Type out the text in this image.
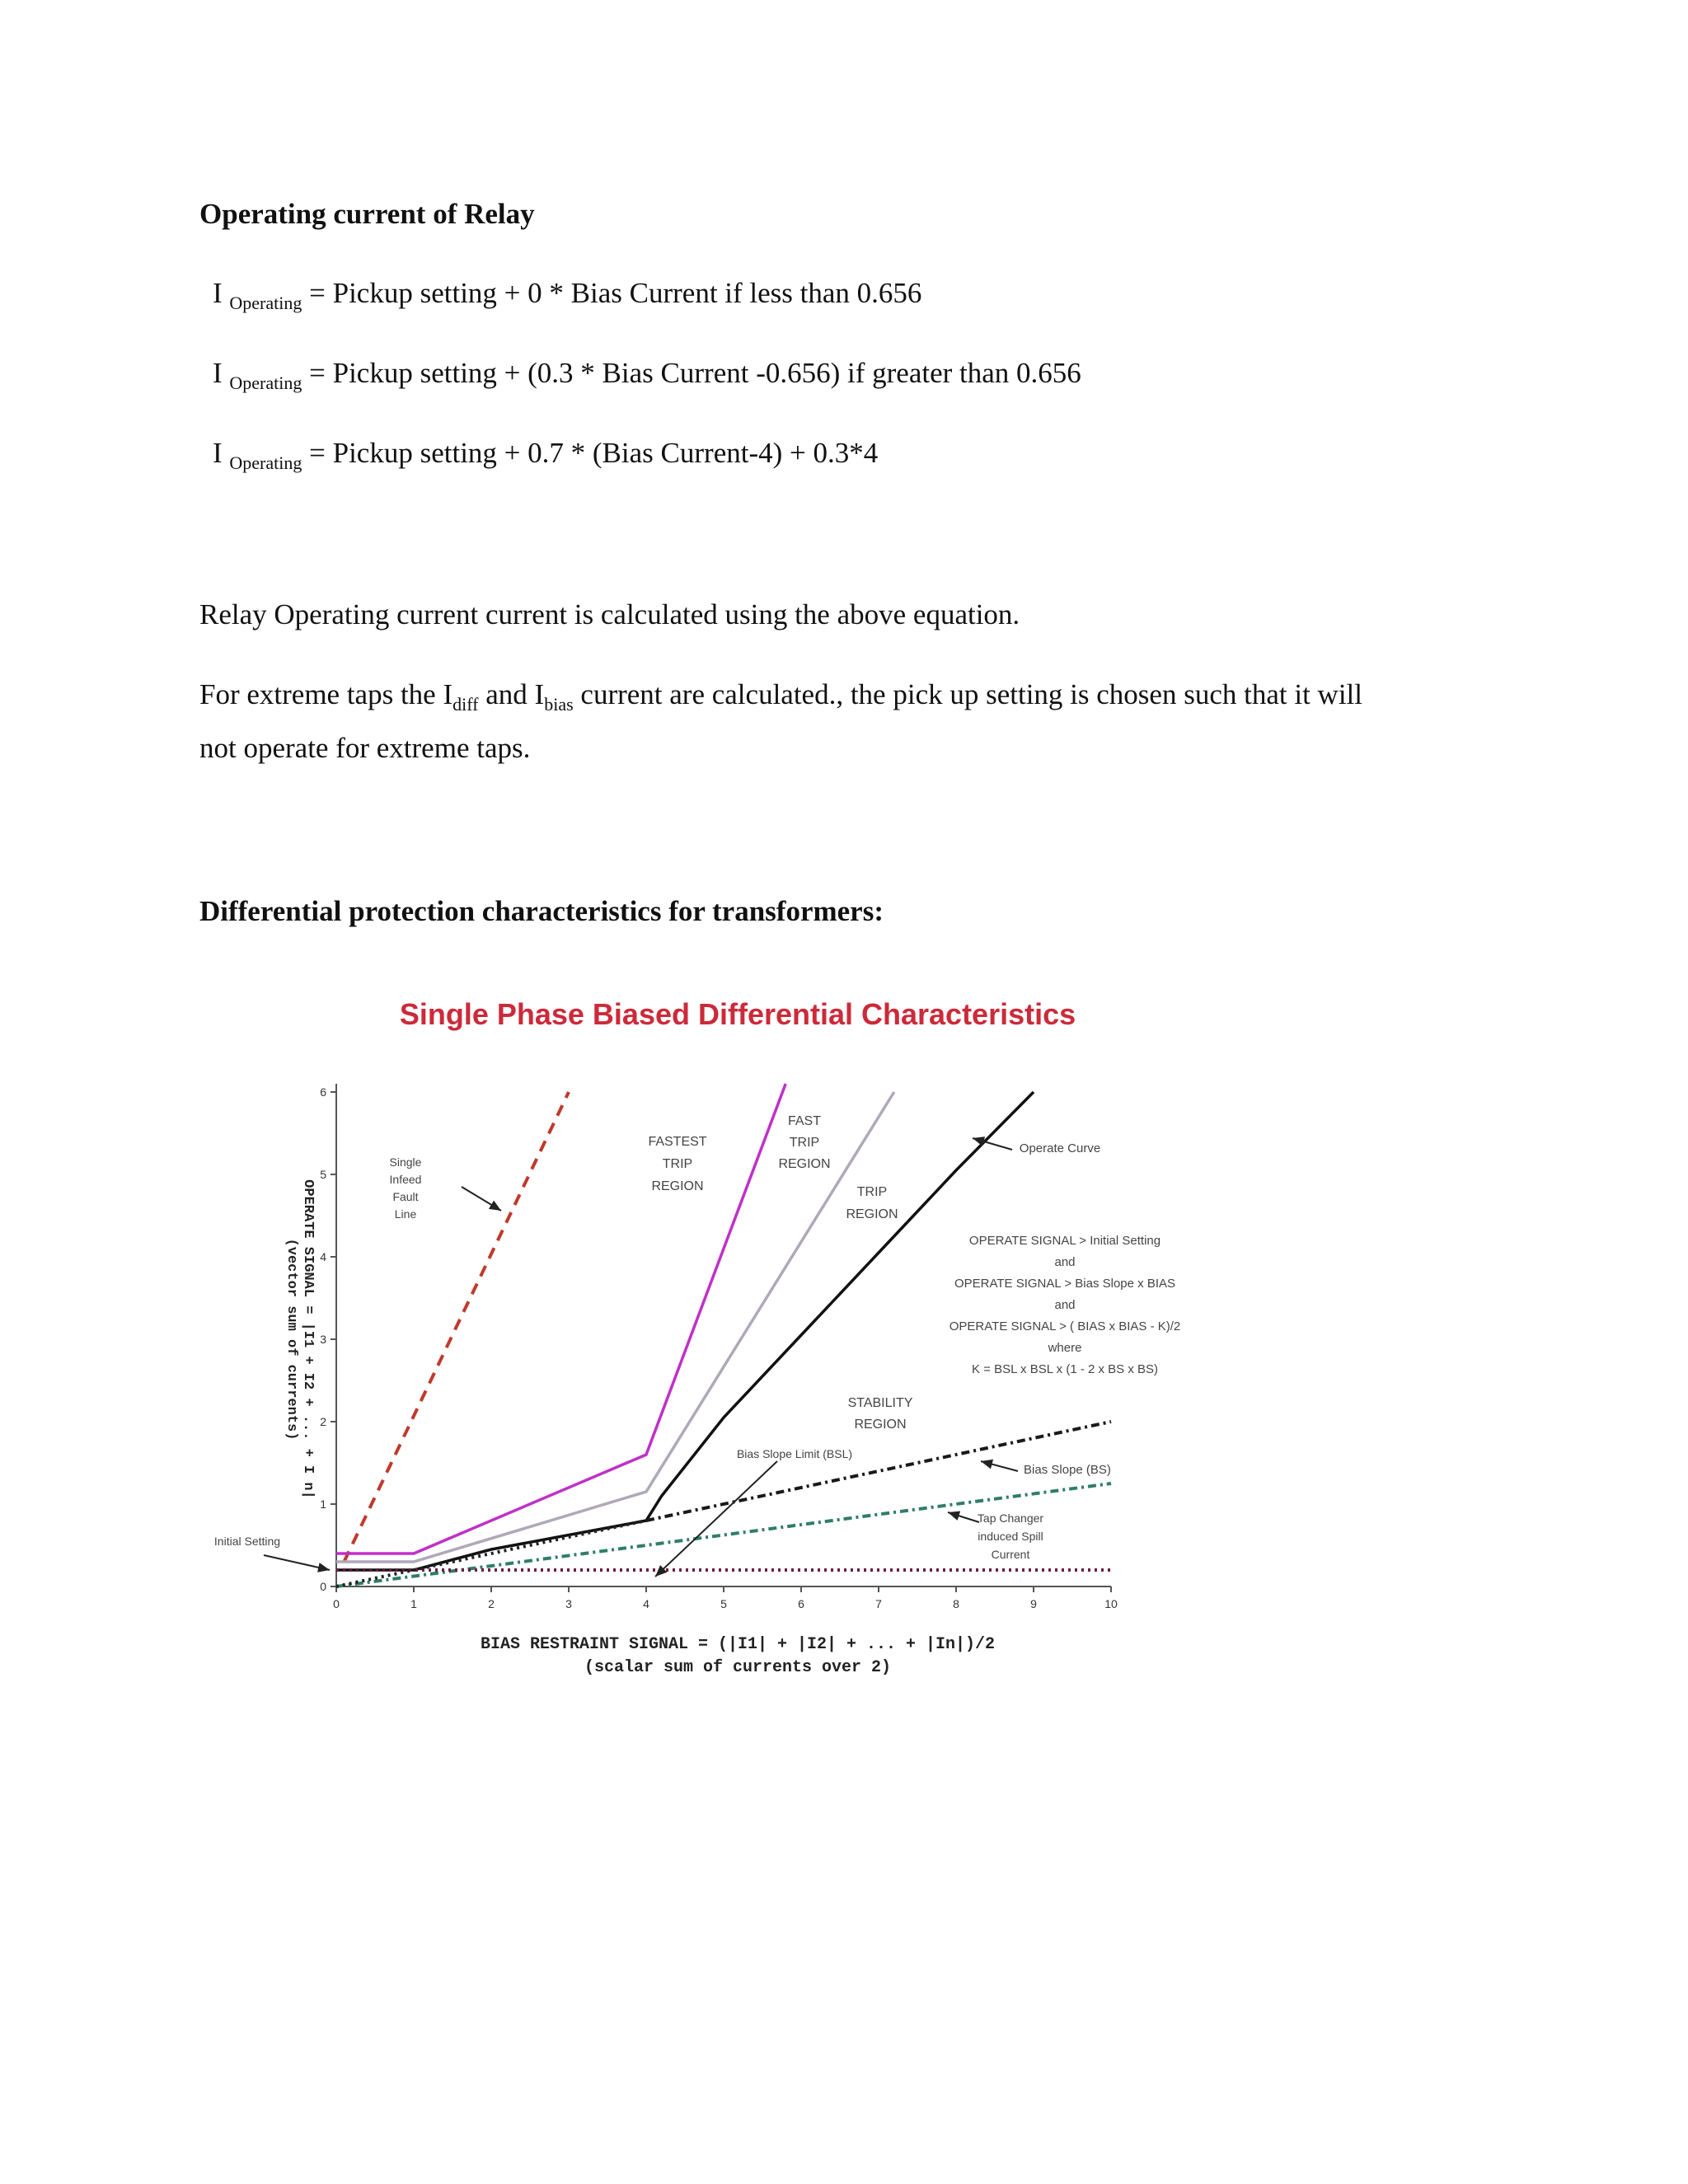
Operating current of Relay
I $_{Operating}$ = Pickup setting + 0 * Bias Current if less than 0.656
I $_{Operating}$ = Pickup setting + (0.3 * Bias Current -0.656) if greater than 0.656
I $_{Operating}$ = Pickup setting + 0.7 * (Bias Current-4) + 0.3*4
Relay Operating current current is calculated using the above equation.
For extreme taps the $I_{diff}$ and $I_{bias}$ current are calculated., the pick up setting is chosen such that it will
not operate for extreme taps.
Differential protection characteristics for transformers:
Single Phase Biased Differential Characteristics
0	1	2	3	4	5	6	7	8	9	10
0
1
2
3
4
5
6
BIAS RESTRAINT SIGNAL = (|I1| + |I2| + ... + |In|)/2
(scalar sum of currents over 2)
OPERATE SIGNAL = |I1 + I2 + ... + I n|
(vector sum of currents)
Single
Infeed
Fault
Line
FASTEST
TRIP
REGION
FAST
TRIP
REGION
TRIP
REGION
Operate Curve
OPERATE SIGNAL > Initial Setting
and
OPERATE SIGNAL > Bias Slope x BIAS
and
OPERATE SIGNAL > ( BIAS x BIAS - K)/2
where
K = BSL x BSL x (1 - 2 x BS x BS)
STABILITY
REGION
Bias Slope Limit (BSL)
Bias Slope (BS)
Tap Changer
induced Spill
Current
Initial Setting
